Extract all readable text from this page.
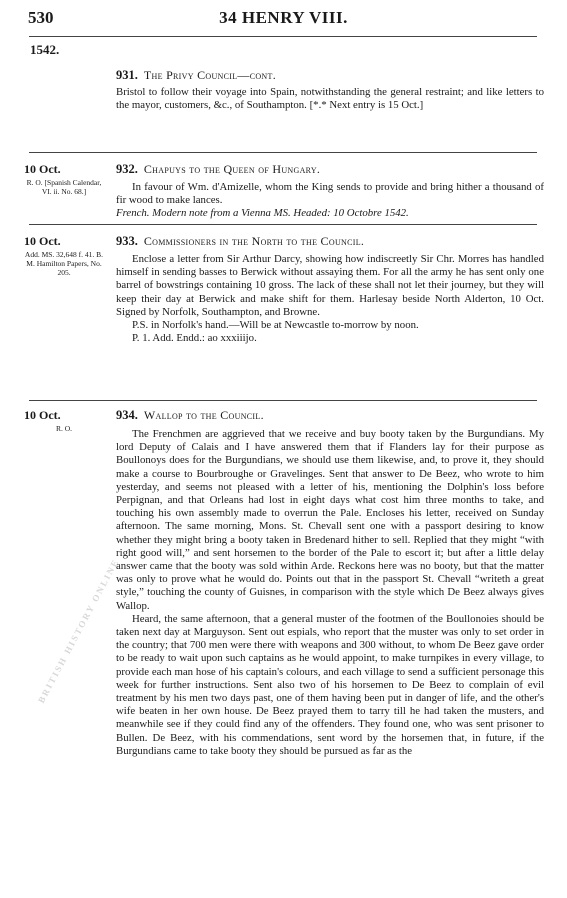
530	34 HENRY VIII.
1542.
931. The Privy Council—cont.

Bristol to follow their voyage into Spain, notwithstanding the general restraint; and like letters to the mayor, customers, &c., of Southampton. [*.* Next entry is 15 Oct.]

10 Oct.
R. O. [Spanish Calendar, VI. ii. No. 68.]
932. Chapuys to the Queen of Hungary.

In favour of Wm. d'Amizelle, whom the King sends to provide and bring hither a thousand of fir wood to make lances.

French. Modern note from a Vienna MS. Headed: 10 Octobre 1542.

10 Oct.
Add. MS. 32,648 f. 41. B. M. Hamilton Papers, No. 205.
933. Commissioners in the North to the Council.

Enclose a letter from Sir Arthur Darcy, showing how indiscreetly Sir Chr. Morres has handled himself in sending basses to Berwick without assaying them. For all the army he has sent only one barrel of bowstrings containing 10 gross. The lack of these shall not let their journey, but they will keep their day at Berwick and make shift for them. Harlesay beside North Alderton, 10 Oct. Signed by Norfolk, Southampton, and Browne.

P.S. in Norfolk's hand.—Will be at Newcastle to-morrow by noon.

P. 1. Add. Endd.: ao xxxiiijo.

10 Oct.
R. O.
934. Wallop to the Council.

The Frenchmen are aggrieved that we receive and buy booty taken by the Burgundians. My lord Deputy of Calais and I have answered them that if Flanders lay for their purpose as Boullonoys does for the Burgundians, we should use them likewise, and, to prove it, they should make a course to Bourbroughe or Gravelinges. Sent that answer to De Beez, who wrote to him yesterday, and seems not pleased with a letter of his, mentioning the Dolphin's loss before Perpignan, and that Orleans had lost in eight days what cost him three months to take, and touching his own assembly made to overrun the Pale. Encloses his letter, received on Sunday afternoon. The same morning, Mons. St. Chevall sent one with a passport desiring to know whether they might bring a booty taken in Bredenard hither to sell. Replied that they might “with right good will,” and sent horsemen to the border of the Pale to escort it; but after a little delay answer came that the booty was sold within Arde. Reckons here was no booty, but that the matter was only to prove what he would do. Points out that in the passport St. Chevall “writeth a great style,” touching the county of Guisnes, in comparison with the style which De Beez always gives Wallop.

Heard, the same afternoon, that a general muster of the footmen of the Boullonoies should be taken next day at Marguyson. Sent out espials, who report that the muster was only to set order in the country; that 700 men were there with weapons and 300 without, to whom De Beez gave order to be ready to wait upon such captains as he would appoint, to make turnpikes in every village, to provide each man hose of his captain's colours, and each village to send a sufficient personage this week for further instructions. Sent also two of his horsemen to De Beez to complain of evil treatment by his men two days past, one of them having been put in danger of life, and the other's wife beaten in her own house. De Beez prayed them to tarry till he had taken the musters, and meanwhile see if they could find any of the offenders. They found one, who was sent prisoner to Bullen. De Beez, with his commendations, sent word by the horsemen that, in future, if the Burgundians came to take booty they should be pursued as far as the

BRITISH HISTORY ONLINE
